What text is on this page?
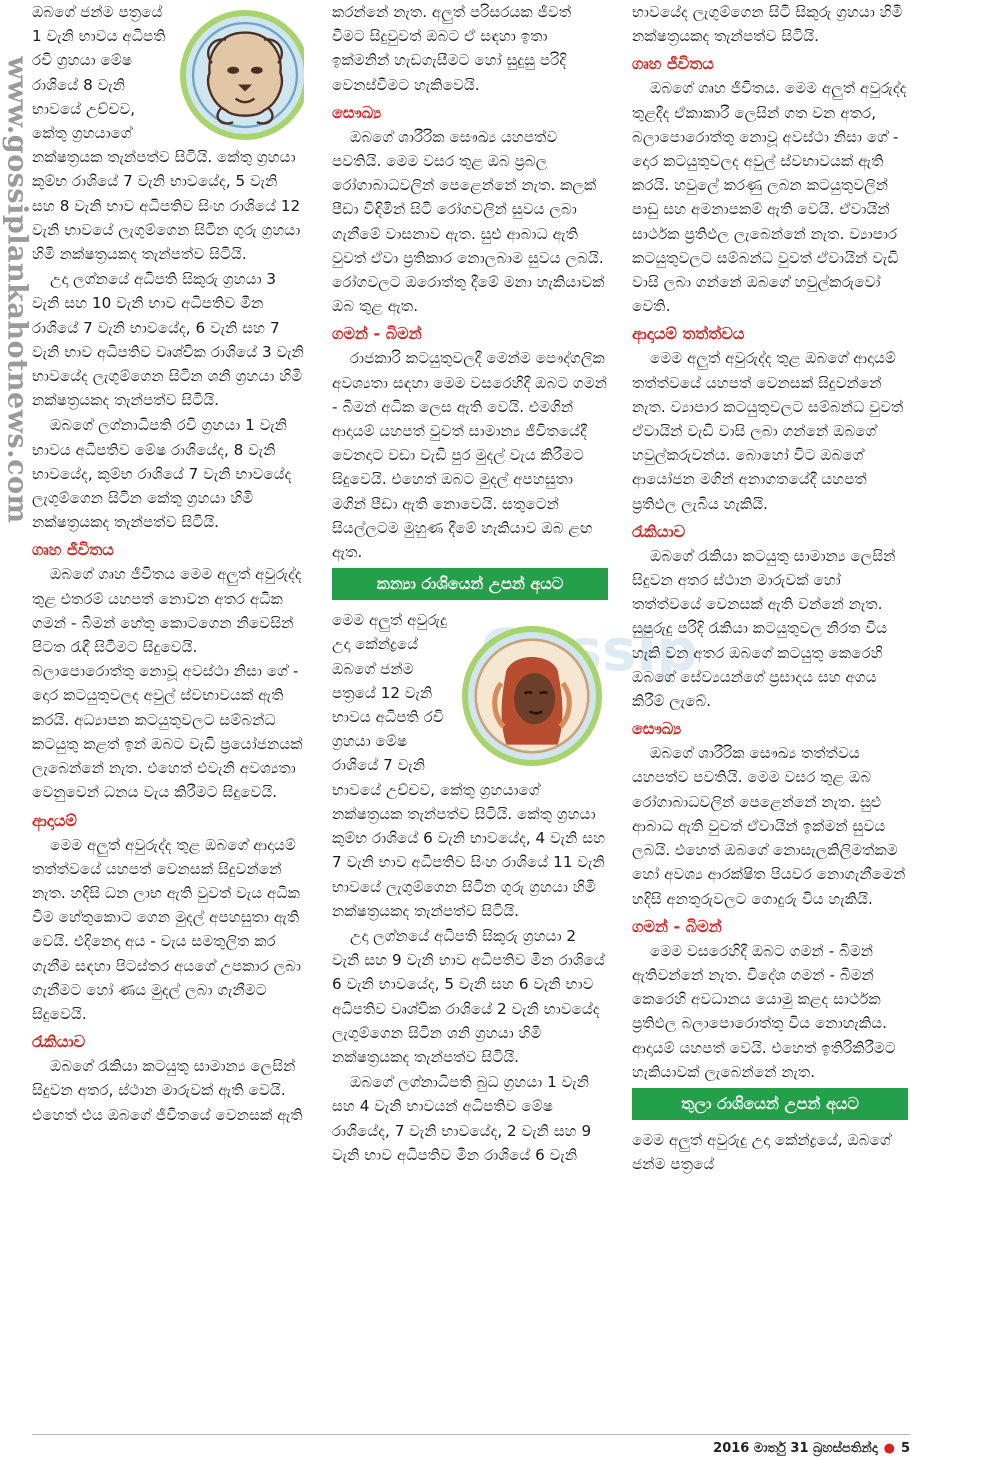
www.gossiplankahotnews.com
Gossip

ඔබගේ ජන්ම පත්‍රයේ 1 වැනි භාවය අධිපති රවි ග්‍රහයා මේෂ රාශියේ 8 වැනි භාවයේ උච්චව, කේතු ග්‍රහයාගේ නක්ෂත්‍රයක තැන්පත්ව සිටියි. කේතු ග්‍රහයා කුම්භ රාශියේ 7 වැනි භාවයේද, 5 වැනි සහ 8 වැනි භාව අධිපතිව සිංහ රාශියේ 12 වැනි භාවයේ ලැගුම්ගෙන සිටින ගුරු ග්‍රහයා හිමි නක්ෂත්‍රයකද තැන්පත්ව සිටියි.

උදා ලග්නයේ අධිපති සිකුරු ග්‍රහයා 3 වැනි සහ 10 වැනි භාව අධිපතිව මීන රාශියේ 7 වැනි භාවයේද, 6 වැනි සහ 7 වැනි භාව අධිපතිව වෘශ්චික රාශියේ 3 වැනි භාවයේද ලැගුම්ගෙන සිටින ශනි ග්‍රහයා හිමි නක්ෂත්‍රයකද තැන්පත්ව සිටියි.

ඔබගේ ලග්නාධිපති රවි ග්‍රහයා 1 වැනි භාවය අධිපතිව මේෂ රාශියේද, 8 වැනි භාවයේද, කුම්භ රාශියේ 7 වැනි භාවයේද ලැගුම්ගෙන සිටින කේතු ග්‍රහයා හිමි නක්ෂත්‍රයකද තැන්පත්ව සිටියි.

ගෘහ ජීවිතය

ඔබගේ ගෘහ ජීවිතය මෙම අලුත් අවුරුද්ද තුළ එතරම් යහපත් නොවන අතර අධික ගමන් - බිමන් හේතු කොටගෙන නිවෙසින් පිටත රැඳී සිටීමට සිදුවෙයි. බලාපොරොත්තු නොවූ අවස්ථා නිසා ගේ - දොර කටයුතුවලද අවුල් ස්වභාවයක් ඇති කරයි. අධ්‍යාපන කටයුතුවලට සම්බන්ධ කටයුතු කළත් ඉන් ඔබට වැඩි ප්‍රයෝජනයක් ලැබෙන්නේ නැත. එහෙත් එවැනි අවශ්‍යතා වෙනුවෙන් ධනය වැය කිරීමට සිදුවෙයි.

ආදායම්

මෙම අලුත් අවුරුද්ද තුළ ඔබගේ ආදායම් තත්ත්වයේ යහපත් වෙනසක් සිදුවන්නේ නැත. හදිසි ධන ලාභ ඇති වුවත් වැය අධික වීම හේතුකොට ගෙන මුදල් අපහසුතා ඇති වෙයි. එදිනෙදා අය - වැය සමතුලිත කර ගැනීම සඳහා පිටස්තර අයගේ උපකාර ලබා ගැනීමට හෝ ණය මුදල් ලබා ගැනීමට සිදුවෙයි.

රැකියාව

ඔබගේ රැකියා කටයුතු සාමාන්‍ය ලෙසින් සිදුවන අතර, ස්ථාන මාරුවක් ඇති වෙයි. එහෙත් එය ඔබගේ ජීවිතයේ වෙනසක් ඇති

කරන්නේ නැත. අලුත් පරිසරයක ජීවත් වීමට සිදුවුවත් ඔබට ඒ සඳහා ඉතා ඉක්මනින් හැඩගැසීමට හෝ සුදුසු පරිදි වෙනස්වීමට හැකිවෙයි.

සෞඛ්‍ය

ඔබගේ ශාරීරික සෞඛ්‍ය යහපත්ව පවතියි. මෙම වසර තුළ ඔබ ප්‍රබල රෝගාබාධවලින් පෙළෙන්නේ නැත. කලක් පීඩා විඳිමින් සිටි රෝගවලින් සුවය ලබා ගැනීමේ වාසනාව ඇත. සුළු ආබාධ ඇති වුවත් ඒවා ප්‍රතිකාර නොලබාම සුවය ලබයි. රෝගවලට ඔරොත්තු දීමේ මනා හැකියාවක් ඔබ තුළ ඇත.

ගමන් - බිමන්

රාජකාරි කටයුතුවලදී මෙන්ම පෞද්ගලික අවශ්‍යතා සඳහා මෙම වසරෙහිදී ඔබට ගමන් - බිමන් අධික ලෙස ඇති වෙයි. එමගින් ආදායම් යහපත් වුවත් සාමාන්‍ය ජීවිතයේදී වෙනදාට වඩා වැඩි පුර මුදල් වැය කිරීමට සිදුවෙයි. එහෙත් ඔබට මුදල් අපහසුතා මගින් පීඩා ඇති නොවෙයි. සතුටෙන් සියල්ලටම මුහුණ දීමේ හැකියාව ඔබ ළඟ ඇත.

කන්‍යා රාශියෙන් උපන් අයට

මෙම අලුත් අවුරුදු උදා කේන්ද්‍රයේ ඔබගේ ජන්ම පත්‍රයේ 12 වැනි භාවය අධිපති රවි ග්‍රහයා මේෂ රාශියේ 7 වැනි භාවයේ උච්චව, කේතු ග්‍රහයාගේ නක්ෂත්‍රයක තැන්පත්ව සිටියි. කේතු ග්‍රහයා කුම්භ රාශියේ 6 වැනි භාවයේද, 4 වැනි සහ 7 වැනි භාව අධිපතිව සිංහ රාශියේ 11 වැනි භාවයේ ලැගුම්ගෙන සිටින ගුරු ග්‍රහයා හිමි නක්ෂත්‍රයකද තැන්පත්ව සිටියි.

උදා ලග්නයේ අධිපති සිකුරු ග්‍රහයා 2 වැනි සහ 9 වැනි භාව අධිපතිව මීන රාශියේ 6 වැනි භාවයේද, 5 වැනි සහ 6 වැනි භාව අධිපතිව වෘශ්චික රාශියේ 2 වැනි භාවයේද ලැගුම්ගෙන සිටින ශනි ග්‍රහයා හිමි නක්ෂත්‍රයකද තැන්පත්ව සිටියි.

ඔබගේ ලග්නාධිපති බුධ ග්‍රහයා 1 වැනි සහ 4 වැනි භාවයන් අධිපතිව මේෂ රාශියේද, 7 වැනි භාවයේද, 2 වැනි සහ 9 වැනි භාව අධිපතිව මීන රාශියේ 6 වැනි

භාවයේද ලැගුම්ගෙන සිටි සිකුරු ග්‍රහයා හිමි නක්ෂත්‍රයකද තැන්පත්ව සිටියි.

ගෘහ ජීවිතය

ඔබගේ ගෘහ ජීවිතය. මෙම අලුත් අවුරුද්ද තුළදීද ඒකාකාරී ලෙසින් ගත වන අතර, බලාපොරොත්තු නොවූ අවස්ථා නිසා ගේ - දොර කටයුතුවලද අවුල් ස්වභාවයක් ඇති කරයි. හවුලේ කරණු ලබන කටයුතුවලින් පාඩු සහ අමනාපකම් ඇති වෙයි. ඒවායින් සාර්ථක ප්‍රතිඵල ලැබෙන්නේ නැත. ව්‍යාපාර කටයුතුවලට සම්බන්ධ වුවත් ඒවායින් වැඩි වාසි ලබා ගන්නේ ඔබගේ හවුල්කරුවෝ වෙති.

ආදායම් තත්ත්වය

මෙම අලුත් අවුරුද්ද තුළ ඔබගේ ආදායම් තත්ත්වයේ යහපත් වෙනසක් සිදුවන්නේ නැත. ව්‍යාපාර කටයුතුවලට සම්බන්ධ වුවත් ඒවායින් වැඩි වාසි ලබා ගන්නේ ඔබගේ හවුල්කරුවන්ය. බොහෝ විට ඔබගේ ආයෝජන මගින් අනාගතයේදී යහපත් ප්‍රතිඵල ලැබිය හැකියි.

රැකියාව

ඔබගේ රැකියා කටයුතු සාමාන්‍ය ලෙසින් සිදුවන අතර ස්ථාන මාරුවක් හෝ තත්ත්වයේ වෙනසක් ඇති වන්නේ නැත. සුපුරුදු පරිදි රැකියා කටයුතුවල නිරත විය හැකි වන අතර ඔබගේ කටයුතු කෙරෙහි ඔබගේ සේව්‍යයන්ගේ ප්‍රසාදය සහ අගය කිරීම් ලැබේ.

සෞඛ්‍ය

ඔබගේ ශාරීරික සෞඛ්‍ය තත්ත්වය යහපත්ව පවතියි. මෙම වසර තුළ ඔබ රෝගාබාධවලින් පෙළෙන්නේ නැත. සුළු ආබාධ ඇති වුවත් ඒවායින් ඉක්මන් සුවය ලබයි. එහෙත් ඔබගේ නොසැලකිලිමත්කම හෝ අවශ්‍ය ආරක්ෂිත පියවර නොගැනීමෙන් හදිසි අනතුරුවලට ගොදුරු විය හැකියි.

ගමන් - බිමන්

මෙම වසරෙහිදී ඔබට ගමන් - බිමන් ඇතිවන්නේ නැත. විදේශ ගමන් - බිමන් කෙරෙහි අවධානය යොමු කළද සාර්ථක ප්‍රතිඵල බලාපොරොත්තු විය නොහැකිය. ආදායම් යහපත් වෙයි. එහෙත් ඉතිරිකිරීමට හැකියාවක් ලැබෙන්නේ නැත.

තුලා රාශියෙන් උපන් අයට

මෙම අලුත් අවුරුදු උදා කේන්ද්‍රයේ, ඔබගේ ජන්ම පත්‍රයේ

2016 මාර්තු 31 බ්‍රහස්පතින්දා ● 5
